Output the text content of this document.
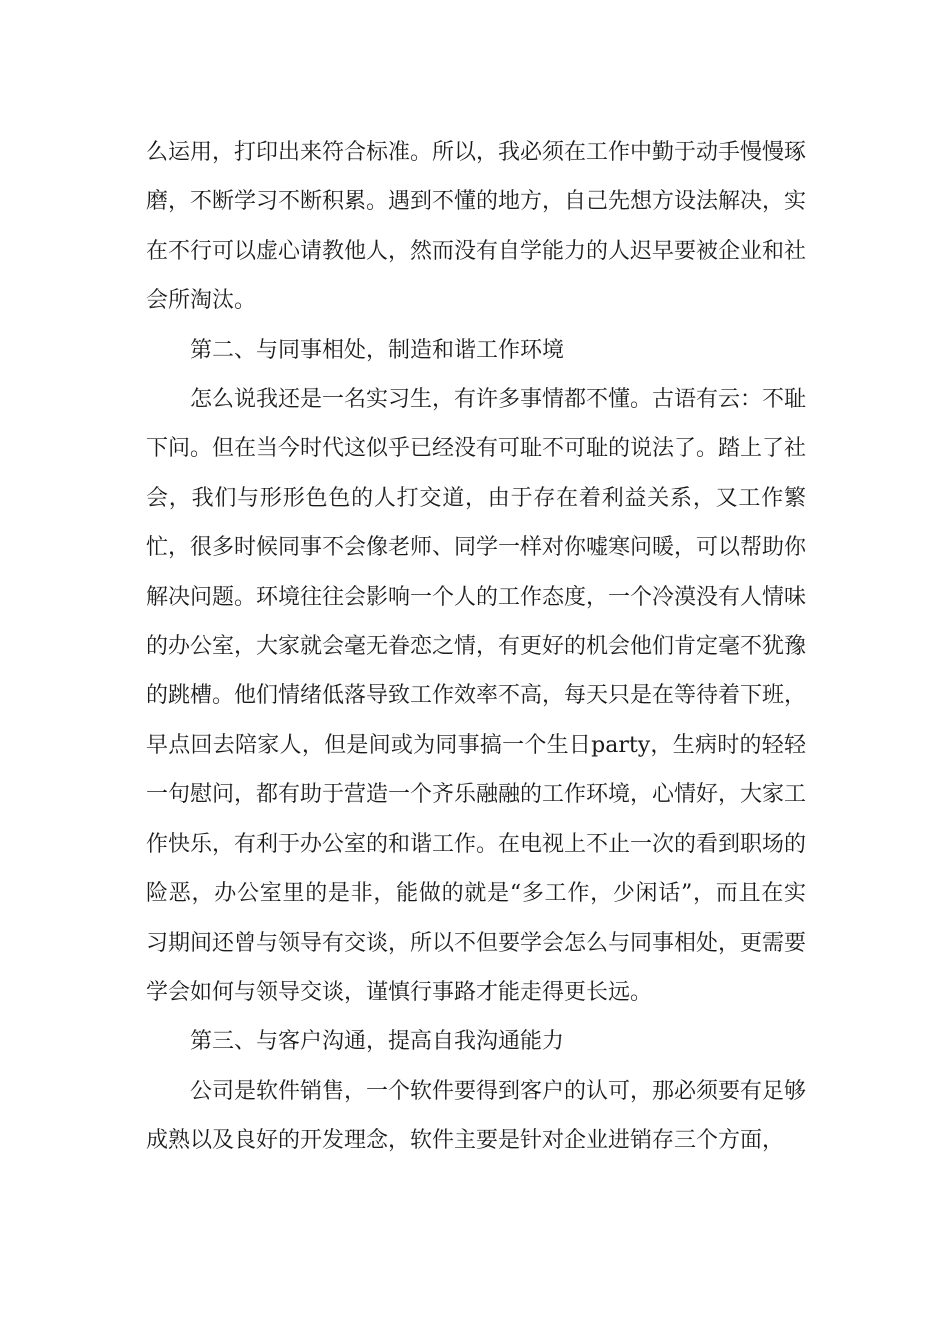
么运用，打印出来符合标准。所以，我必须在工作中勤于动手慢慢琢磨，不断学习不断积累。遇到不懂的地方，自己先想方设法解决，实在不行可以虚心请教他人，然而没有自学能力的人迟早要被企业和社会所淘汰。

第二、与同事相处，制造和谐工作环境

怎么说我还是一名实习生，有许多事情都不懂。古语有云：不耻下问。但在当今时代这似乎已经没有可耻不可耻的说法了。踏上了社会，我们与形形色色的人打交道，由于存在着利益关系，又工作繁忙，很多时候同事不会像老师、同学一样对你嘘寒问暖，可以帮助你解决问题。环境往往会影响一个人的工作态度，一个冷漠没有人情味的办公室，大家就会毫无眷恋之情，有更好的机会他们肯定毫不犹豫的跳槽。他们情绪低落导致工作效率不高，每天只是在等待着下班，早点回去陪家人，但是间或为同事搞一个生日party，生病时的轻轻一句慰问，都有助于营造一个齐乐融融的工作环境，心情好，大家工作快乐，有利于办公室的和谐工作。在电视上不止一次的看到职场的险恶，办公室里的是非，能做的就是“多工作，少闲话”，而且在实习期间还曾与领导有交谈，所以不但要学会怎么与同事相处，更需要学会如何与领导交谈，谨慎行事路才能走得更长远。

第三、与客户沟通，提高自我沟通能力

公司是软件销售，一个软件要得到客户的认可，那必须要有足够成熟以及良好的开发理念，软件主要是针对企业进销存三个方面，
